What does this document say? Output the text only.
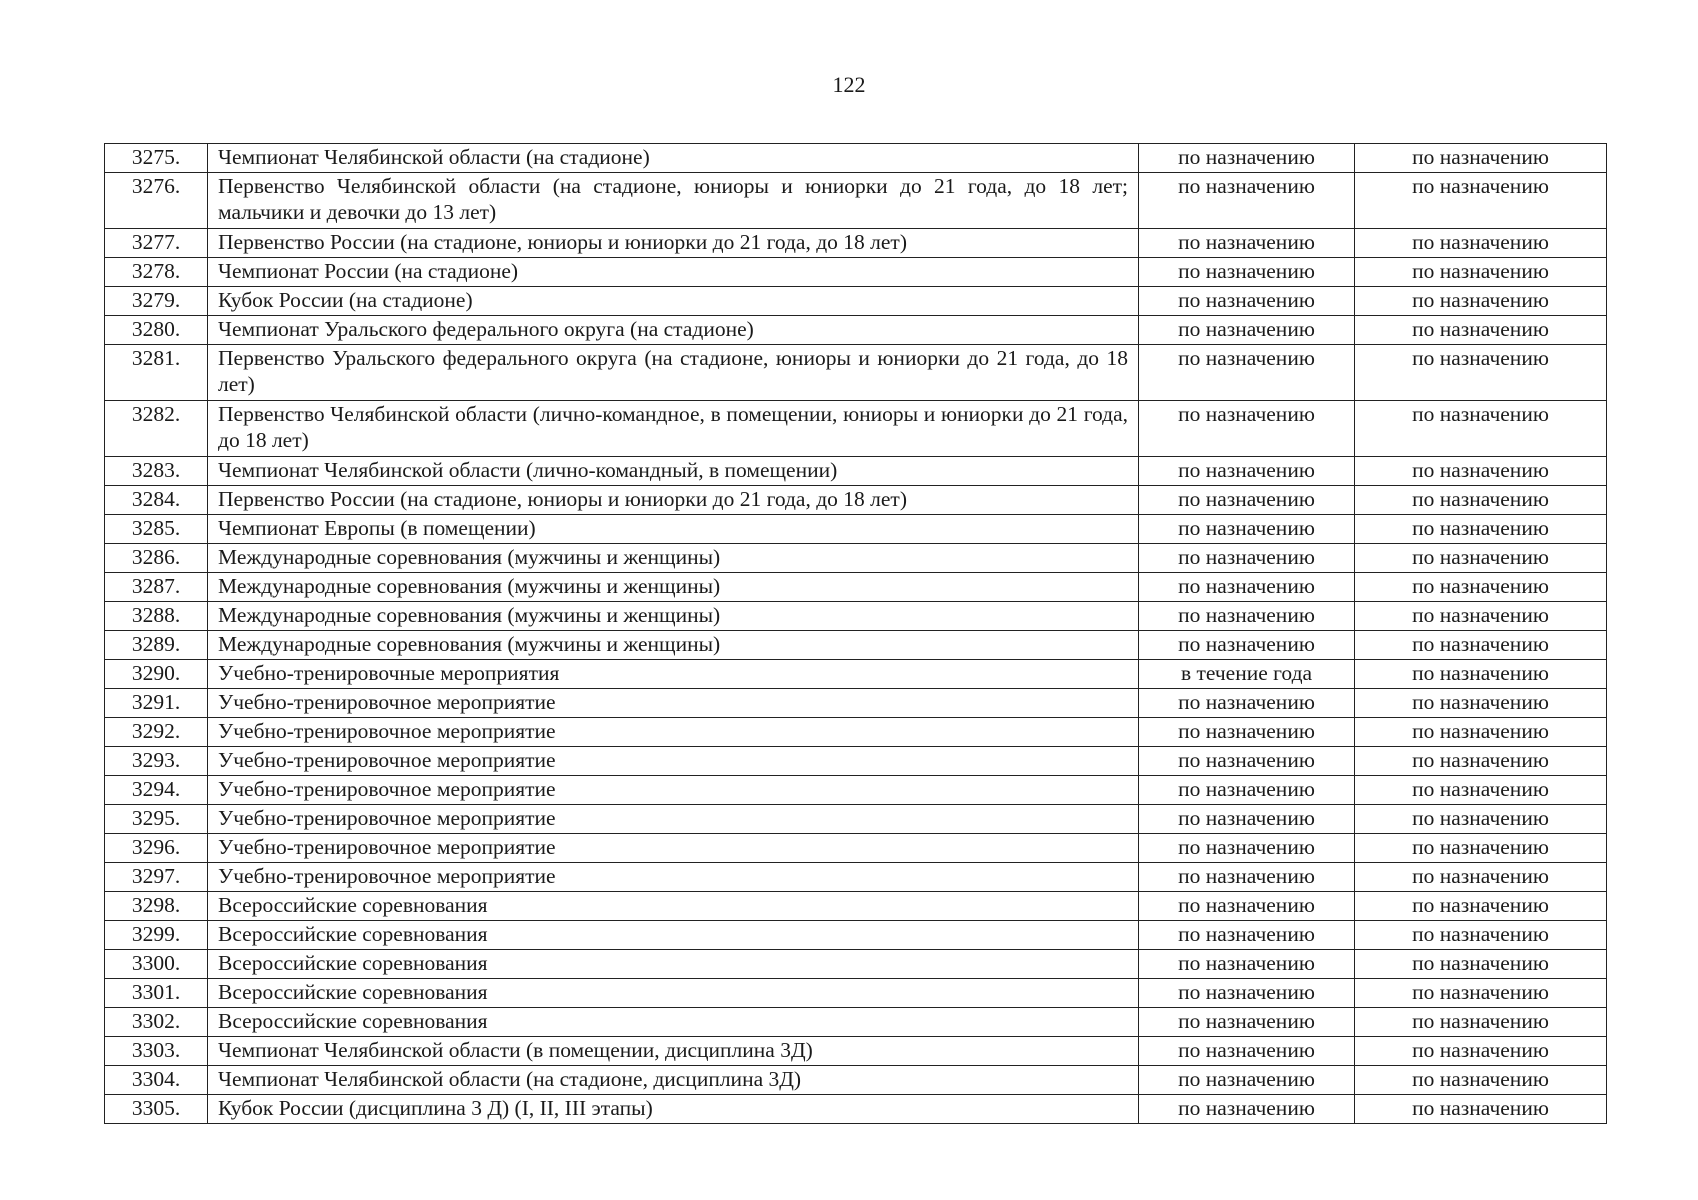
122
3275.	Чемпионат Челябинской области (на стадионе)	по назначению	по назначению
3276.	Первенство Челябинской области (на стадионе, юниоры и юниорки до 21 года, до 18 лет; мальчики и девочки до 13 лет)	по назначению	по назначению
3277.	Первенство России (на стадионе, юниоры и юниорки до 21 года, до 18 лет)	по назначению	по назначению
3278.	Чемпионат России (на стадионе)	по назначению	по назначению
3279.	Кубок России (на стадионе)	по назначению	по назначению
3280.	Чемпионат Уральского федерального округа (на стадионе)	по назначению	по назначению
3281.	Первенство Уральского федерального округа (на стадионе, юниоры и юниорки до 21 года, до 18 лет)	по назначению	по назначению
3282.	Первенство Челябинской области (лично-командное, в помещении, юниоры и юниорки до 21 года, до 18 лет)	по назначению	по назначению
3283.	Чемпионат Челябинской области (лично-командный, в помещении)	по назначению	по назначению
3284.	Первенство России (на стадионе, юниоры и юниорки до 21 года, до 18 лет)	по назначению	по назначению
3285.	Чемпионат Европы (в помещении)	по назначению	по назначению
3286.	Международные соревнования (мужчины и женщины)	по назначению	по назначению
3287.	Международные соревнования (мужчины и женщины)	по назначению	по назначению
3288.	Международные соревнования (мужчины и женщины)	по назначению	по назначению
3289.	Международные соревнования (мужчины и женщины)	по назначению	по назначению
3290.	Учебно-тренировочные мероприятия	в течение года	по назначению
3291.	Учебно-тренировочное мероприятие	по назначению	по назначению
3292.	Учебно-тренировочное мероприятие	по назначению	по назначению
3293.	Учебно-тренировочное мероприятие	по назначению	по назначению
3294.	Учебно-тренировочное мероприятие	по назначению	по назначению
3295.	Учебно-тренировочное мероприятие	по назначению	по назначению
3296.	Учебно-тренировочное мероприятие	по назначению	по назначению
3297.	Учебно-тренировочное мероприятие	по назначению	по назначению
3298.	Всероссийские соревнования	по назначению	по назначению
3299.	Всероссийские соревнования	по назначению	по назначению
3300.	Всероссийские соревнования	по назначению	по назначению
3301.	Всероссийские соревнования	по назначению	по назначению
3302.	Всероссийские соревнования	по назначению	по назначению
3303.	Чемпионат Челябинской области (в помещении, дисциплина 3Д)	по назначению	по назначению
3304.	Чемпионат Челябинской области (на стадионе, дисциплина 3Д)	по назначению	по назначению
3305.	Кубок России (дисциплина 3 Д) (I, II, III этапы)	по назначению	по назначению
